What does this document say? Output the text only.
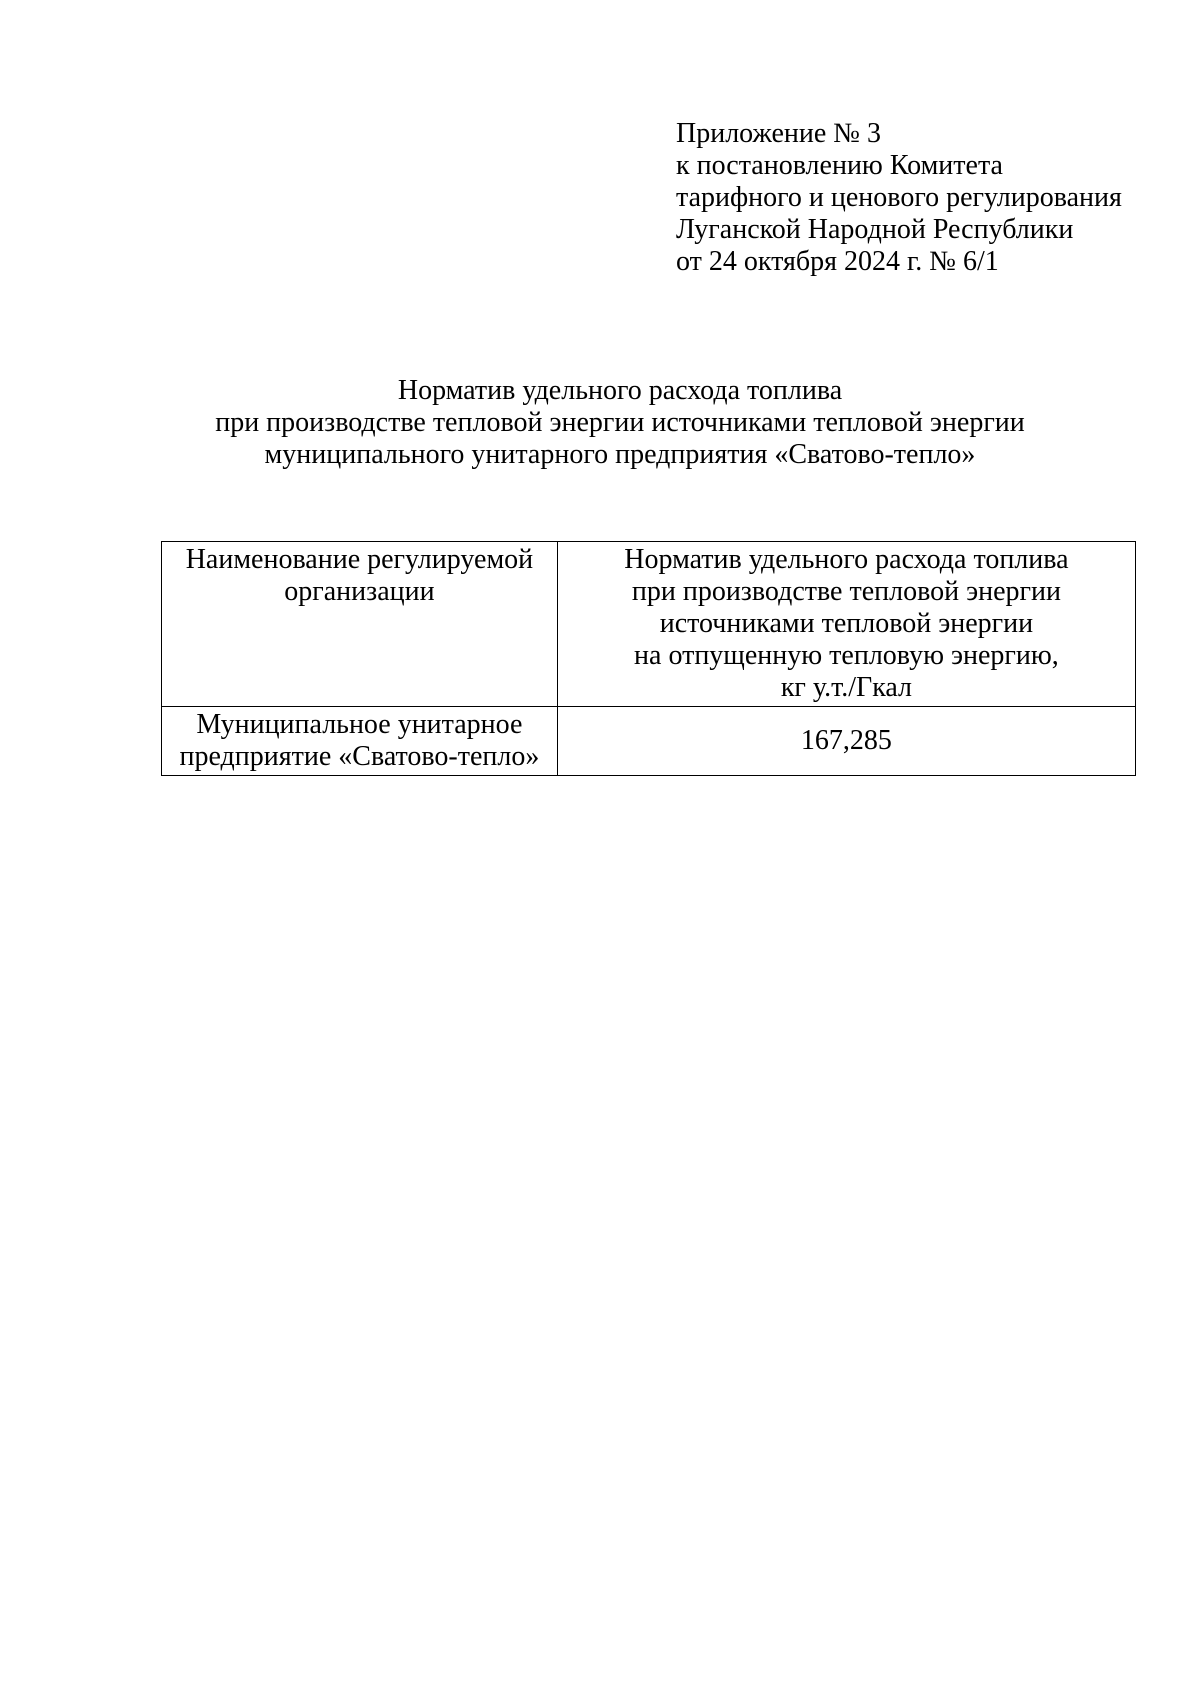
Приложение № 3
к постановлению Комитета
тарифного и ценового регулирования
Луганской Народной Республики
от 24 октября 2024 г. № 6/1
Норматив удельного расхода топлива
при производстве тепловой энергии источниками тепловой энергии
муниципального унитарного предприятия «Сватово-тепло»
Наименование регулируемой
организации	Норматив удельного расхода топлива
при производстве тепловой энергии
источниками тепловой энергии
на отпущенную тепловую энергию,
кг у.т./Гкал

Муниципальное унитарное
предприятие «Сватово-тепло»	167,285
